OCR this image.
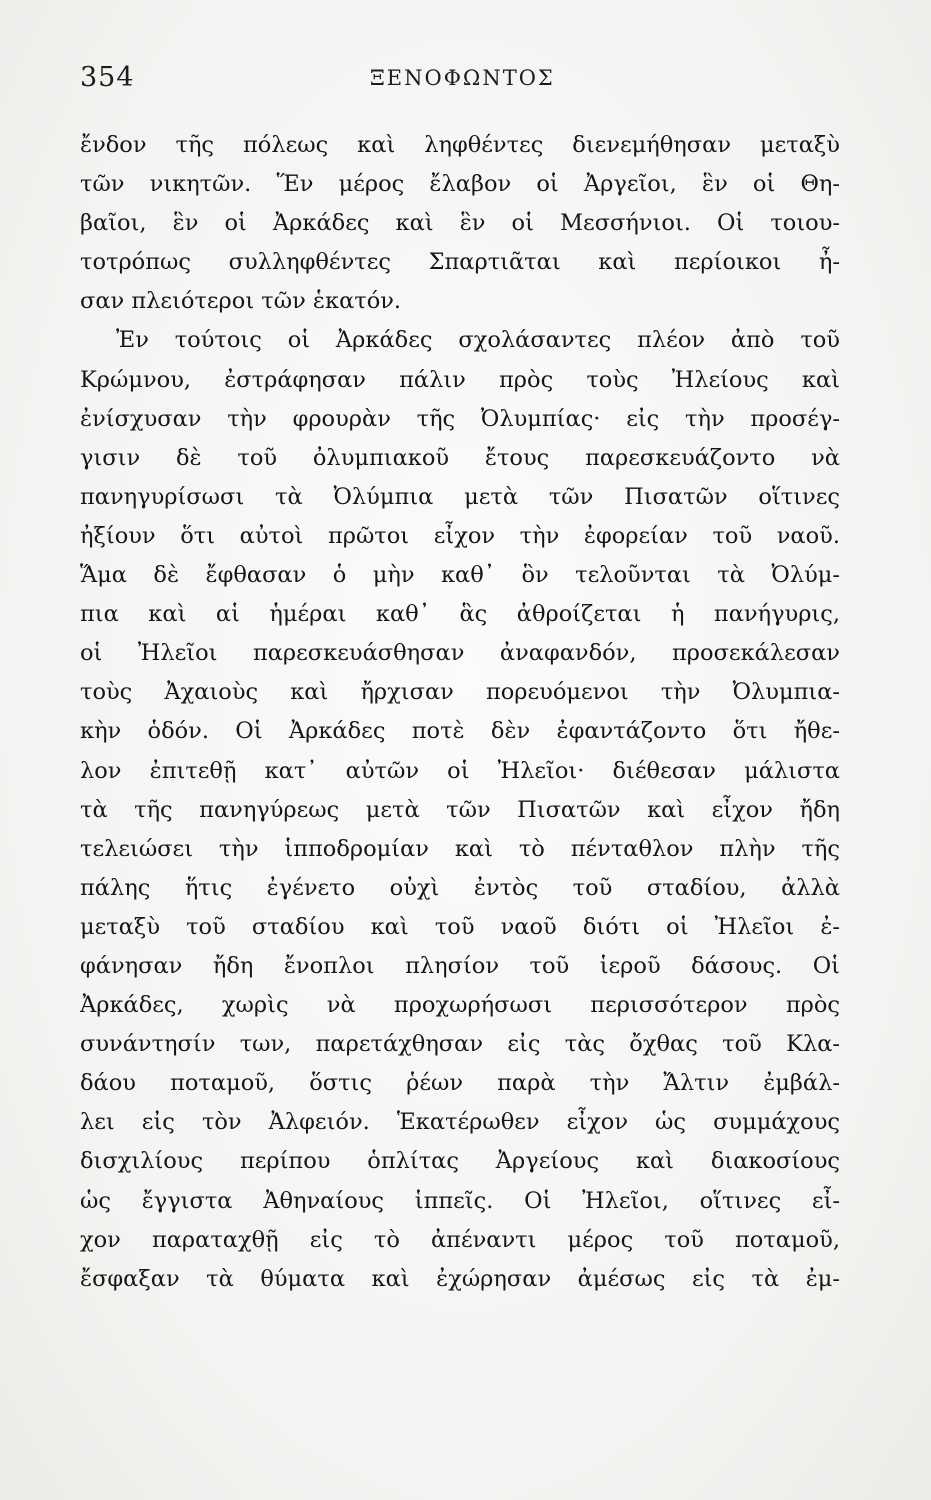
354	ΞΕΝΟΦΩΝΤΟΣ
ἔνδον τῆς πόλεως καὶ ληφθέντες διενεμήθησαν μεταξὺ
τῶν νικητῶν. Ἕν μέρος ἔλαβον οἱ Ἀργεῖοι, ἓν οἱ Θη-
βαῖοι, ἓν οἱ Ἀρκάδες καὶ ἓν οἱ Μεσσήνιοι. Οἱ τοιου-
τοτρόπως συλληφθέντες Σπαρτιᾶται καὶ περίοικοι ἦ-
σαν πλειότεροι τῶν ἑκατόν.
Ἐν τούτοις οἱ Ἀρκάδες σχολάσαντες πλέον ἀπὸ τοῦ
Κρώμνου, ἐστράφησαν πάλιν πρὸς τοὺς Ἠλείους καὶ
ἐνίσχυσαν τὴν φρουρὰν τῆς Ὀλυμπίας· εἰς τὴν προσέγ-
γισιν δὲ τοῦ ὀλυμπιακοῦ ἔτους παρεσκευάζοντο νὰ
πανηγυρίσωσι τὰ Ὀλύμπια μετὰ τῶν Πισατῶν οἵτινες
ἠξίουν ὅτι αὐτοὶ πρῶτοι εἶχον τὴν ἐφορείαν τοῦ ναοῦ.
Ἅμα δὲ ἔφθασαν ὁ μὴν καθ᾽ ὃν τελοῦνται τὰ Ὀλύμ-
πια καὶ αἱ ἡμέραι καθ᾽ ἃς ἀθροίζεται ἡ πανήγυρις,
οἱ Ἠλεῖοι παρεσκευάσθησαν ἀναφανδόν, προσεκάλεσαν
τοὺς Ἀχαιοὺς καὶ ἤρχισαν πορευόμενοι τὴν Ὀλυμπια-
κὴν ὁδόν. Οἱ Ἀρκάδες ποτὲ δὲν ἐφαντάζοντο ὅτι ἤθε-
λον ἐπιτεθῇ κατ᾽ αὐτῶν οἱ Ἠλεῖοι· διέθεσαν μάλιστα
τὰ τῆς πανηγύρεως μετὰ τῶν Πισατῶν καὶ εἶχον ἤδη
τελειώσει τὴν ἱπποδρομίαν καὶ τὸ πένταθλον πλὴν τῆς
πάλης ἥτις ἐγένετο οὐχὶ ἐντὸς τοῦ σταδίου, ἀλλὰ
μεταξὺ τοῦ σταδίου καὶ τοῦ ναοῦ διότι οἱ Ἠλεῖοι ἐ-
φάνησαν ἤδη ἔνοπλοι πλησίον τοῦ ἱεροῦ δάσους. Οἱ
Ἀρκάδες, χωρὶς νὰ προχωρήσωσι περισσότερον πρὸς
συνάντησίν των, παρετάχθησαν εἰς τὰς ὄχθας τοῦ Κλα-
δάου ποταμοῦ, ὅστις ῥέων παρὰ τὴν Ἄλτιν ἐμβάλ-
λει εἰς τὸν Ἀλφειόν. Ἑκατέρωθεν εἶχον ὡς συμμάχους
δισχιλίους περίπου ὁπλίτας Ἀργείους καὶ διακοσίους
ὡς ἔγγιστα Ἀθηναίους ἱππεῖς. Οἱ Ἠλεῖοι, οἵτινες εἶ-
χον παραταχθῇ εἰς τὸ ἀπέναντι μέρος τοῦ ποταμοῦ,
ἔσφαξαν τὰ θύματα καὶ ἐχώρησαν ἀμέσως εἰς τὰ ἐμ-
